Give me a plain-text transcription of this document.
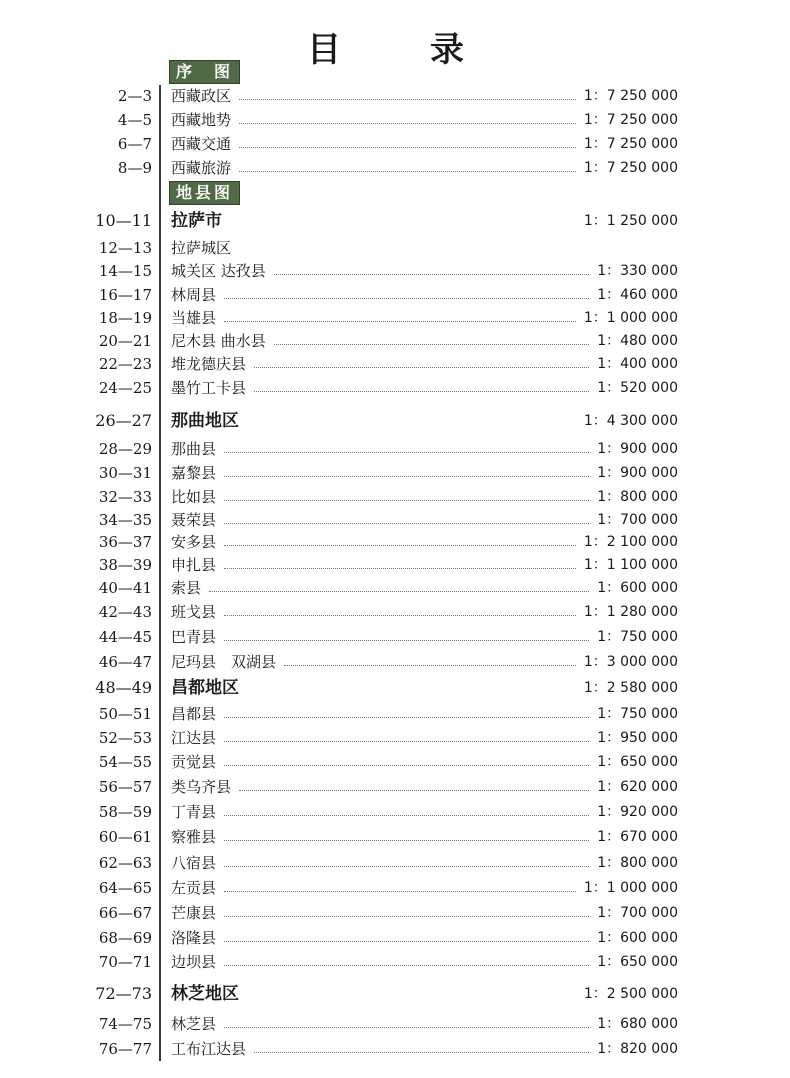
目	录
序　图
2—3 西藏政区	1：7 250 000
4—5 西藏地势	1：7 250 000
6—7 西藏交通	1：7 250 000
8—9 西藏旅游	1：7 250 000
地县图
10—11 拉萨市	1：1 250 000
12—13 拉萨城区
14—15 城关区 达孜县	1：330 000
16—17 林周县	1：460 000
18—19 当雄县	1：1 000 000
20—21 尼木县 曲水县	1：480 000
22—23 堆龙德庆县	1：400 000
24—25 墨竹工卡县	1：520 000
26—27 那曲地区	1：4 300 000
28—29 那曲县	1：900 000
30—31 嘉黎县	1：900 000
32—33 比如县	1：800 000
34—35 聂荣县	1：700 000
36—37 安多县	1：2 100 000
38—39 申扎县	1：1 100 000
40—41 索县	1：600 000
42—43 班戈县	1：1 280 000
44—45 巴青县	1：750 000
46—47 尼玛县　双湖县	1：3 000 000
48—49 昌都地区	1：2 580 000
50—51 昌都县	1：750 000
52—53 江达县	1：950 000
54—55 贡觉县	1：650 000
56—57 类乌齐县	1：620 000
58—59 丁青县	1：920 000
60—61 察雅县	1：670 000
62—63 八宿县	1：800 000
64—65 左贡县	1：1 000 000
66—67 芒康县	1：700 000
68—69 洛隆县	1：600 000
70—71 边坝县	1：650 000
72—73 林芝地区	1：2 500 000
74—75 林芝县	1：680 000
76—77 工布江达县	1：820 000
